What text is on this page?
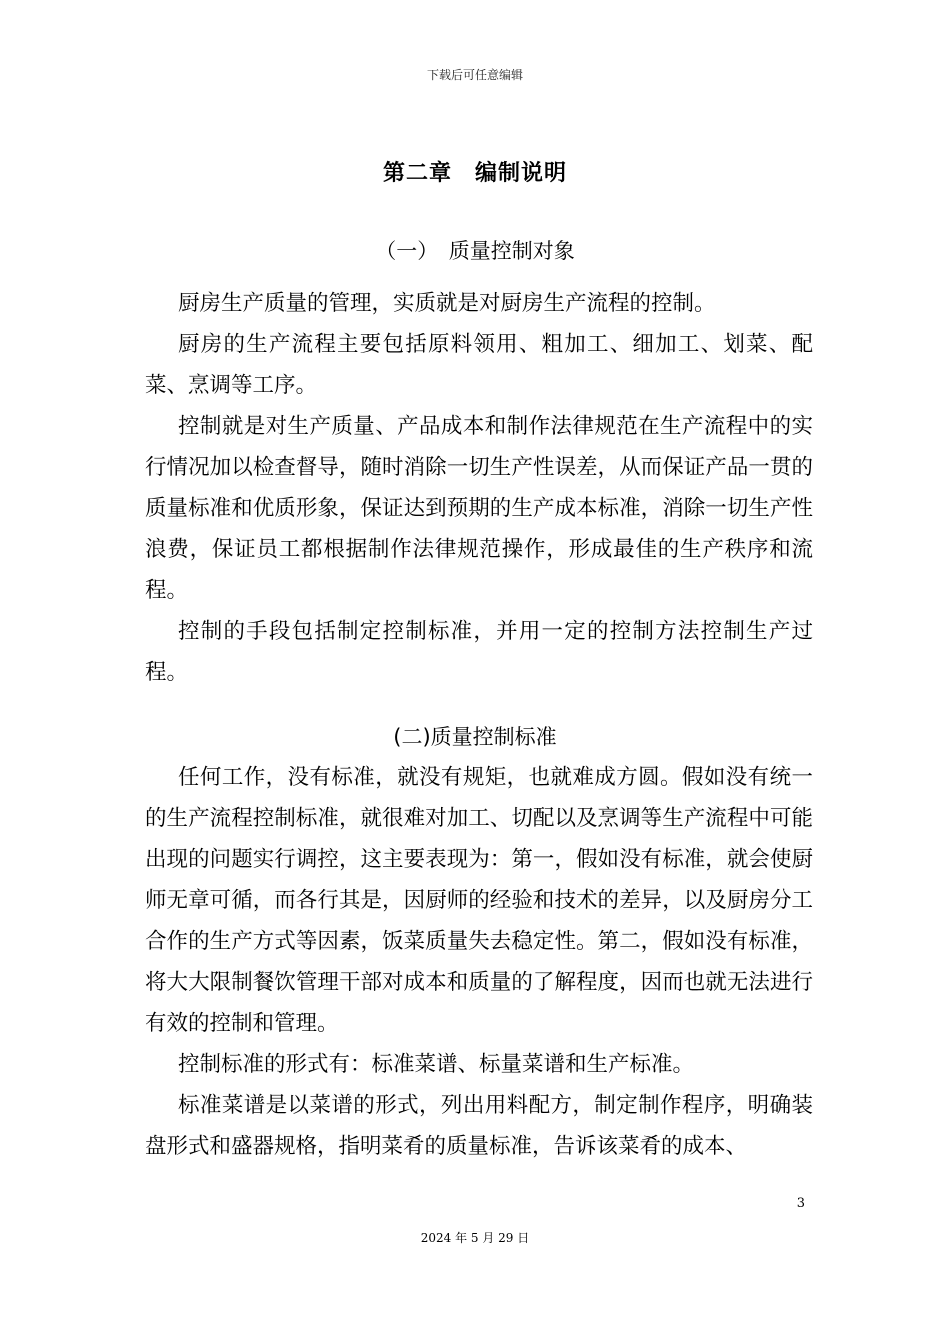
下载后可任意编辑
第二章　编制说明
（一）　质量控制对象

厨房生产质量的管理，实质就是对厨房生产流程的控制。

厨房的生产流程主要包括原料领用、粗加工、细加工、划菜、配菜、烹调等工序。

控制就是对生产质量、产品成本和制作法律规范在生产流程中的实行情况加以检查督导，随时消除一切生产性误差，从而保证产品一贯的质量标准和优质形象，保证达到预期的生产成本标准，消除一切生产性浪费，保证员工都根据制作法律规范操作，形成最佳的生产秩序和流程。

控制的手段包括制定控制标准，并用一定的控制方法控制生产过程。

(二)质量控制标准

任何工作，没有标准，就没有规矩，也就难成方圆。假如没有统一的生产流程控制标准，就很难对加工、切配以及烹调等生产流程中可能出现的问题实行调控，这主要表现为：第一，假如没有标准，就会使厨师无章可循，而各行其是，因厨师的经验和技术的差异，以及厨房分工合作的生产方式等因素，饭菜质量失去稳定性。第二，假如没有标准，将大大限制餐饮管理干部对成本和质量的了解程度，因而也就无法进行有效的控制和管理。

控制标准的形式有：标准菜谱、标量菜谱和生产标准。

标准菜谱是以菜谱的形式，列出用料配方，制定制作程序，明确装盘形式和盛器规格，指明菜肴的质量标准，告诉该菜肴的成本、

3
2024 年 5 月 29 日
